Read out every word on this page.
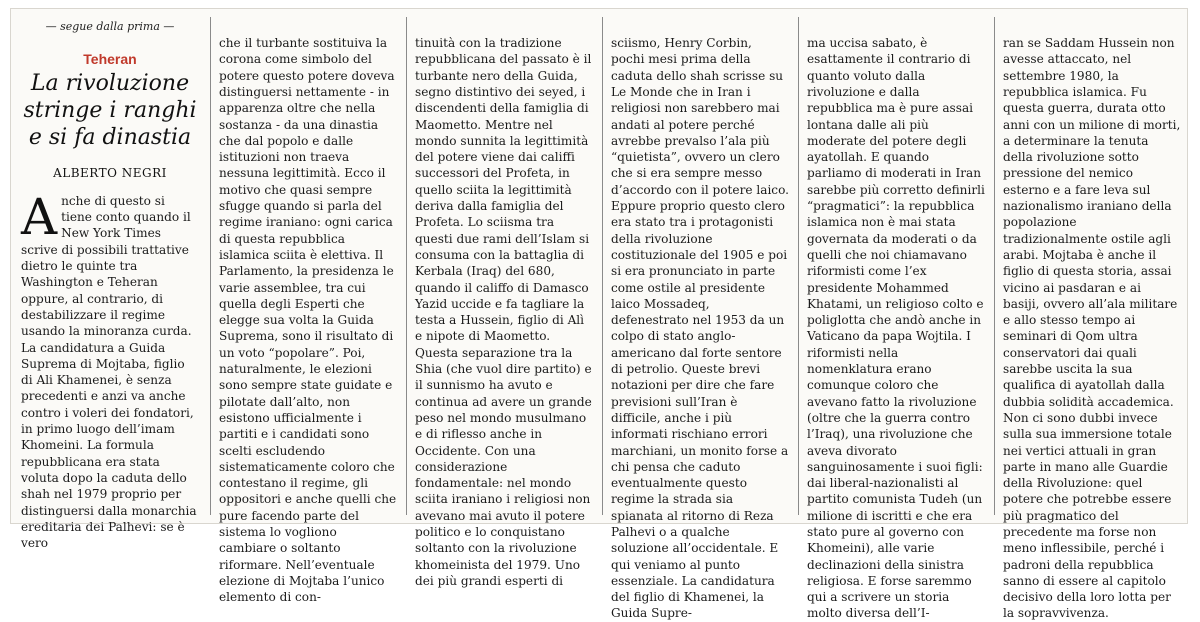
— segue dalla prima —
Teheran
La rivoluzione stringe i ranghi e si fa dinastia
ALBERTO NEGRI
Anche di questo si tiene conto quando il New York Times scrive di possibili trattative dietro le quinte tra Washington e Teheran oppure, al contrario, di destabilizzare il regime usando la minoranza curda.

La candidatura a Guida Suprema di Mojtaba, figlio di Ali Khamenei, è senza precedenti e anzi va anche contro i voleri dei fondatori, in primo luogo dell’imam Khomeini. La formula repubblicana era stata voluta dopo la caduta dello shah nel 1979 proprio per distinguersi dalla monarchia ereditaria dei Palhevi: se è vero

che il turbante sostituiva la corona come simbolo del potere questo potere doveva distinguersi nettamente - in apparenza oltre che nella sostanza - da una dinastia che dal popolo e dalle istituzioni non traeva nessuna legittimità. Ecco il motivo che quasi sempre sfugge quando si parla del regime iraniano: ogni carica di questa repubblica islamica sciita è elettiva. Il Parlamento, la presidenza le varie assemblee, tra cui quella degli Esperti che elegge sua volta la Guida Suprema, sono il risultato di un voto “popolare”. Poi, naturalmente, le elezioni sono sempre state guidate e pilotate dall’alto, non esistono ufficialmente i partiti e i candidati sono scelti escludendo sistematicamente coloro che contestano il regime, gli oppositori e anche quelli che pure facendo parte del sistema lo vogliono cambiare o soltanto riformare. Nell’eventuale elezione di Mojtaba l’unico elemento di con-

tinuità con la tradizione repubblicana del passato è il turbante nero della Guida, segno distintivo dei seyed, i discendenti della famiglia di Maometto. Mentre nel mondo sunnita la legittimità del potere viene dai califfi successori del Profeta, in quello sciita la legittimità deriva dalla famiglia del Profeta. Lo sciisma tra questi due rami dell’Islam si consuma con la battaglia di Kerbala (Iraq) del 680, quando il califfo di Damasco Yazid uccide e fa tagliare la testa a Hussein, figlio di Alì e nipote di Maometto. Questa separazione tra la Shia (che vuol dire partito) e il sunnismo ha avuto e continua ad avere un grande peso nel mondo musulmano e di riflesso anche in Occidente. Con una considerazione fondamentale: nel mondo sciita iraniano i religiosi non avevano mai avuto il potere politico e lo conquistano soltanto con la rivoluzione khomeinista del 1979. Uno dei più grandi esperti di

sciismo, Henry Corbin, pochi mesi prima della caduta dello shah scrisse su Le Monde che in Iran i religiosi non sarebbero mai andati al potere perché avrebbe prevalso l’ala più “quietista”, ovvero un clero che si era sempre messo d’accordo con il potere laico. Eppure proprio questo clero era stato tra i protagonisti della rivoluzione costituzionale del 1905 e poi si era pronunciato in parte come ostile al presidente laico Mossadeq, defenestrato nel 1953 da un colpo di stato anglo-americano dal forte sentore di petrolio. Queste brevi notazioni per dire che fare previsioni sull’Iran è difficile, anche i più informati rischiano errori marchiani, un monito forse a chi pensa che caduto eventualmente questo regime la strada sia spianata al ritorno di Reza Palhevi o a qualche soluzione all’occidentale. E qui veniamo al punto essenziale. La candidatura del figlio di Khamenei, la Guida Supre-

ma uccisa sabato, è esattamente il contrario di quanto voluto dalla rivoluzione e dalla repubblica ma è pure assai lontana dalle ali più moderate del potere degli ayatollah. E quando parliamo di moderati in Iran sarebbe più corretto definirli “pragmatici”: la repubblica islamica non è mai stata governata da moderati o da quelli che noi chiamavano riformisti come l’ex presidente Mohammed Khatami, un religioso colto e poliglotta che andò anche in Vaticano da papa Wojtila. I riformisti nella nomenklatura erano comunque coloro che avevano fatto la rivoluzione (oltre che la guerra contro l’Iraq), una rivoluzione che aveva divorato sanguinosamente i suoi figli: dai liberal-nazionalisti al partito comunista Tudeh (un milione di iscritti e che era stato pure al governo con Khomeini), alle varie declinazioni della sinistra religiosa. E forse saremmo qui a scrivere un storia molto diversa dell’I-

ran se Saddam Hussein non avesse attaccato, nel settembre 1980, la repubblica islamica. Fu questa guerra, durata otto anni con un milione di morti, a determinare la tenuta della rivoluzione sotto pressione del nemico esterno e a fare leva sul nazionalismo iraniano della popolazione tradizionalmente ostile agli arabi. Mojtaba è anche il figlio di questa storia, assai vicino ai pasdaran e ai basiji, ovvero all’ala militare e allo stesso tempo ai seminari di Qom ultra conservatori dai quali sarebbe uscita la sua qualifica di ayatollah dalla dubbia solidità accademica. Non ci sono dubbi invece sulla sua immersione totale nei vertici attuali in gran parte in mano alle Guardie della Rivoluzione: quel potere che potrebbe essere più pragmatico del precedente ma forse non meno inflessibile, perché i padroni della repubblica sanno di essere al capitolo decisivo della loro lotta per la sopravvivenza.
